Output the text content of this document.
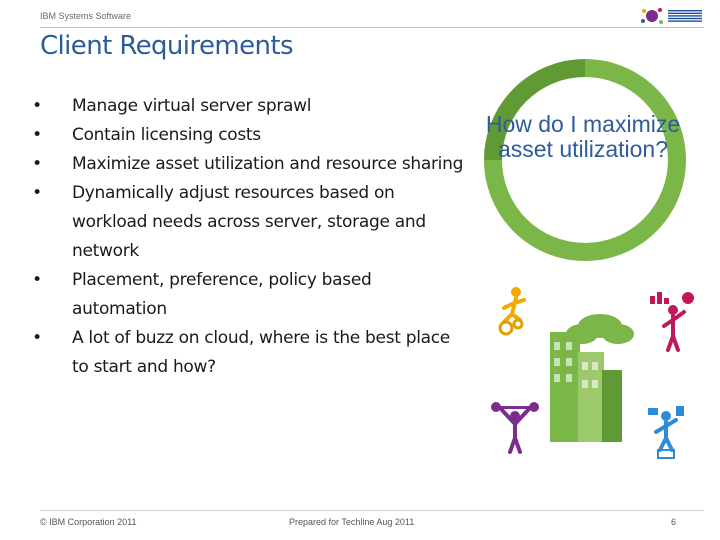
IBM Systems Software
Client Requirements
• Manage virtual server sprawl
• Contain licensing costs
• Maximize asset utilization and resource sharing
• Dynamically adjust resources based on workload needs across server, storage and network
• Placement, preference, policy based automation
• A lot of buzz on cloud, where is the best place to start and how?
How do I maximize asset utilization?
© IBM Corporation 2011	Prepared for Techline Aug 2011	6
